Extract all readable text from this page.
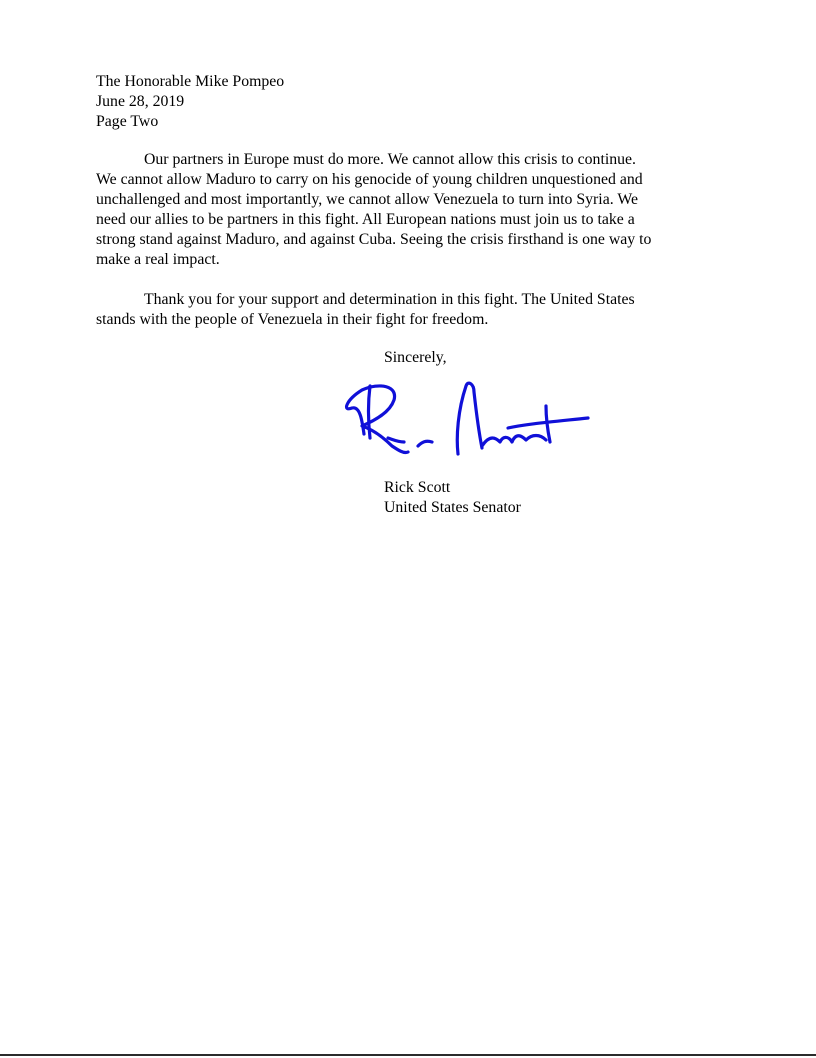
The Honorable Mike Pompeo
June 28, 2019
Page Two
Our partners in Europe must do more. We cannot allow this crisis to continue.
We cannot allow Maduro to carry on his genocide of young children unquestioned and
unchallenged and most importantly, we cannot allow Venezuela to turn into Syria. We
need our allies to be partners in this fight. All European nations must join us to take a
strong stand against Maduro, and against Cuba. Seeing the crisis firsthand is one way to
make a real impact.
Thank you for your support and determination in this fight. The United States
stands with the people of Venezuela in their fight for freedom.
Sincerely,
Rick Scott
United States Senator
